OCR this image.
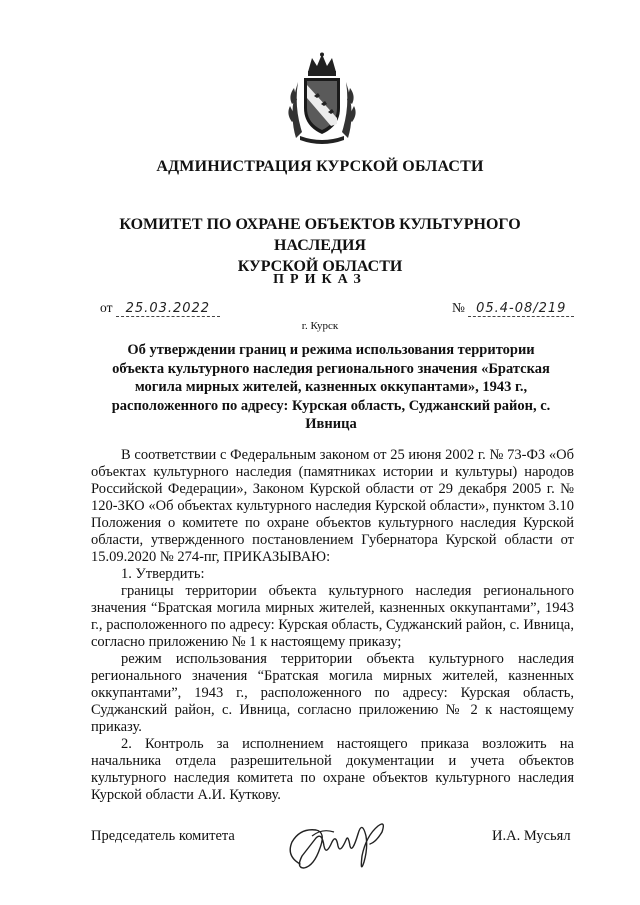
АДМИНИСТРАЦИЯ КУРСКОЙ ОБЛАСТИ
КОМИТЕТ ПО ОХРАНЕ ОБЪЕКТОВ КУЛЬТУРНОГО НАСЛЕДИЯ
КУРСКОЙ ОБЛАСТИ
ПРИКАЗ
от 25.03.2022	№ 05.4-08/219
г. Курск
Об утверждении границ и режима использования территории объекта культурного наследия регионального значения «Братская могила мирных жителей, казненных оккупантами», 1943 г., расположенного по адресу: Курская область, Суджанский район, с. Ивница

В соответствии с Федеральным законом от 25 июня 2002 г. № 73-ФЗ «Об объектах культурного наследия (памятниках истории и культуры) народов Российской Федерации», Законом Курской области от 29 декабря 2005 г. № 120-ЗКО «Об объектах культурного наследия Курской области», пунктом 3.10 Положения о комитете по охране объектов культурного наследия Курской области, утвержденного постановлением Губернатора Курской области от 15.09.2020 № 274-пг, ПРИКАЗЫВАЮ:

1. Утвердить:

границы территории объекта культурного наследия регионального значения “Братская могила мирных жителей, казненных оккупантами”, 1943 г., расположенного по адресу: Курская область, Суджанский район, с. Ивница, согласно приложению № 1 к настоящему приказу;

режим использования территории объекта культурного наследия регионального значения “Братская могила мирных жителей, казненных оккупантами”, 1943 г., расположенного по адресу: Курская область, Суджанский район, с. Ивница, согласно приложению № 2 к настоящему приказу.

2. Контроль за исполнением настоящего приказа возложить на начальника отдела разрешительной документации и учета объектов культурного наследия комитета по охране объектов культурного наследия Курской области А.И. Куткову.

Председатель комитета	И.А. Мусьял
